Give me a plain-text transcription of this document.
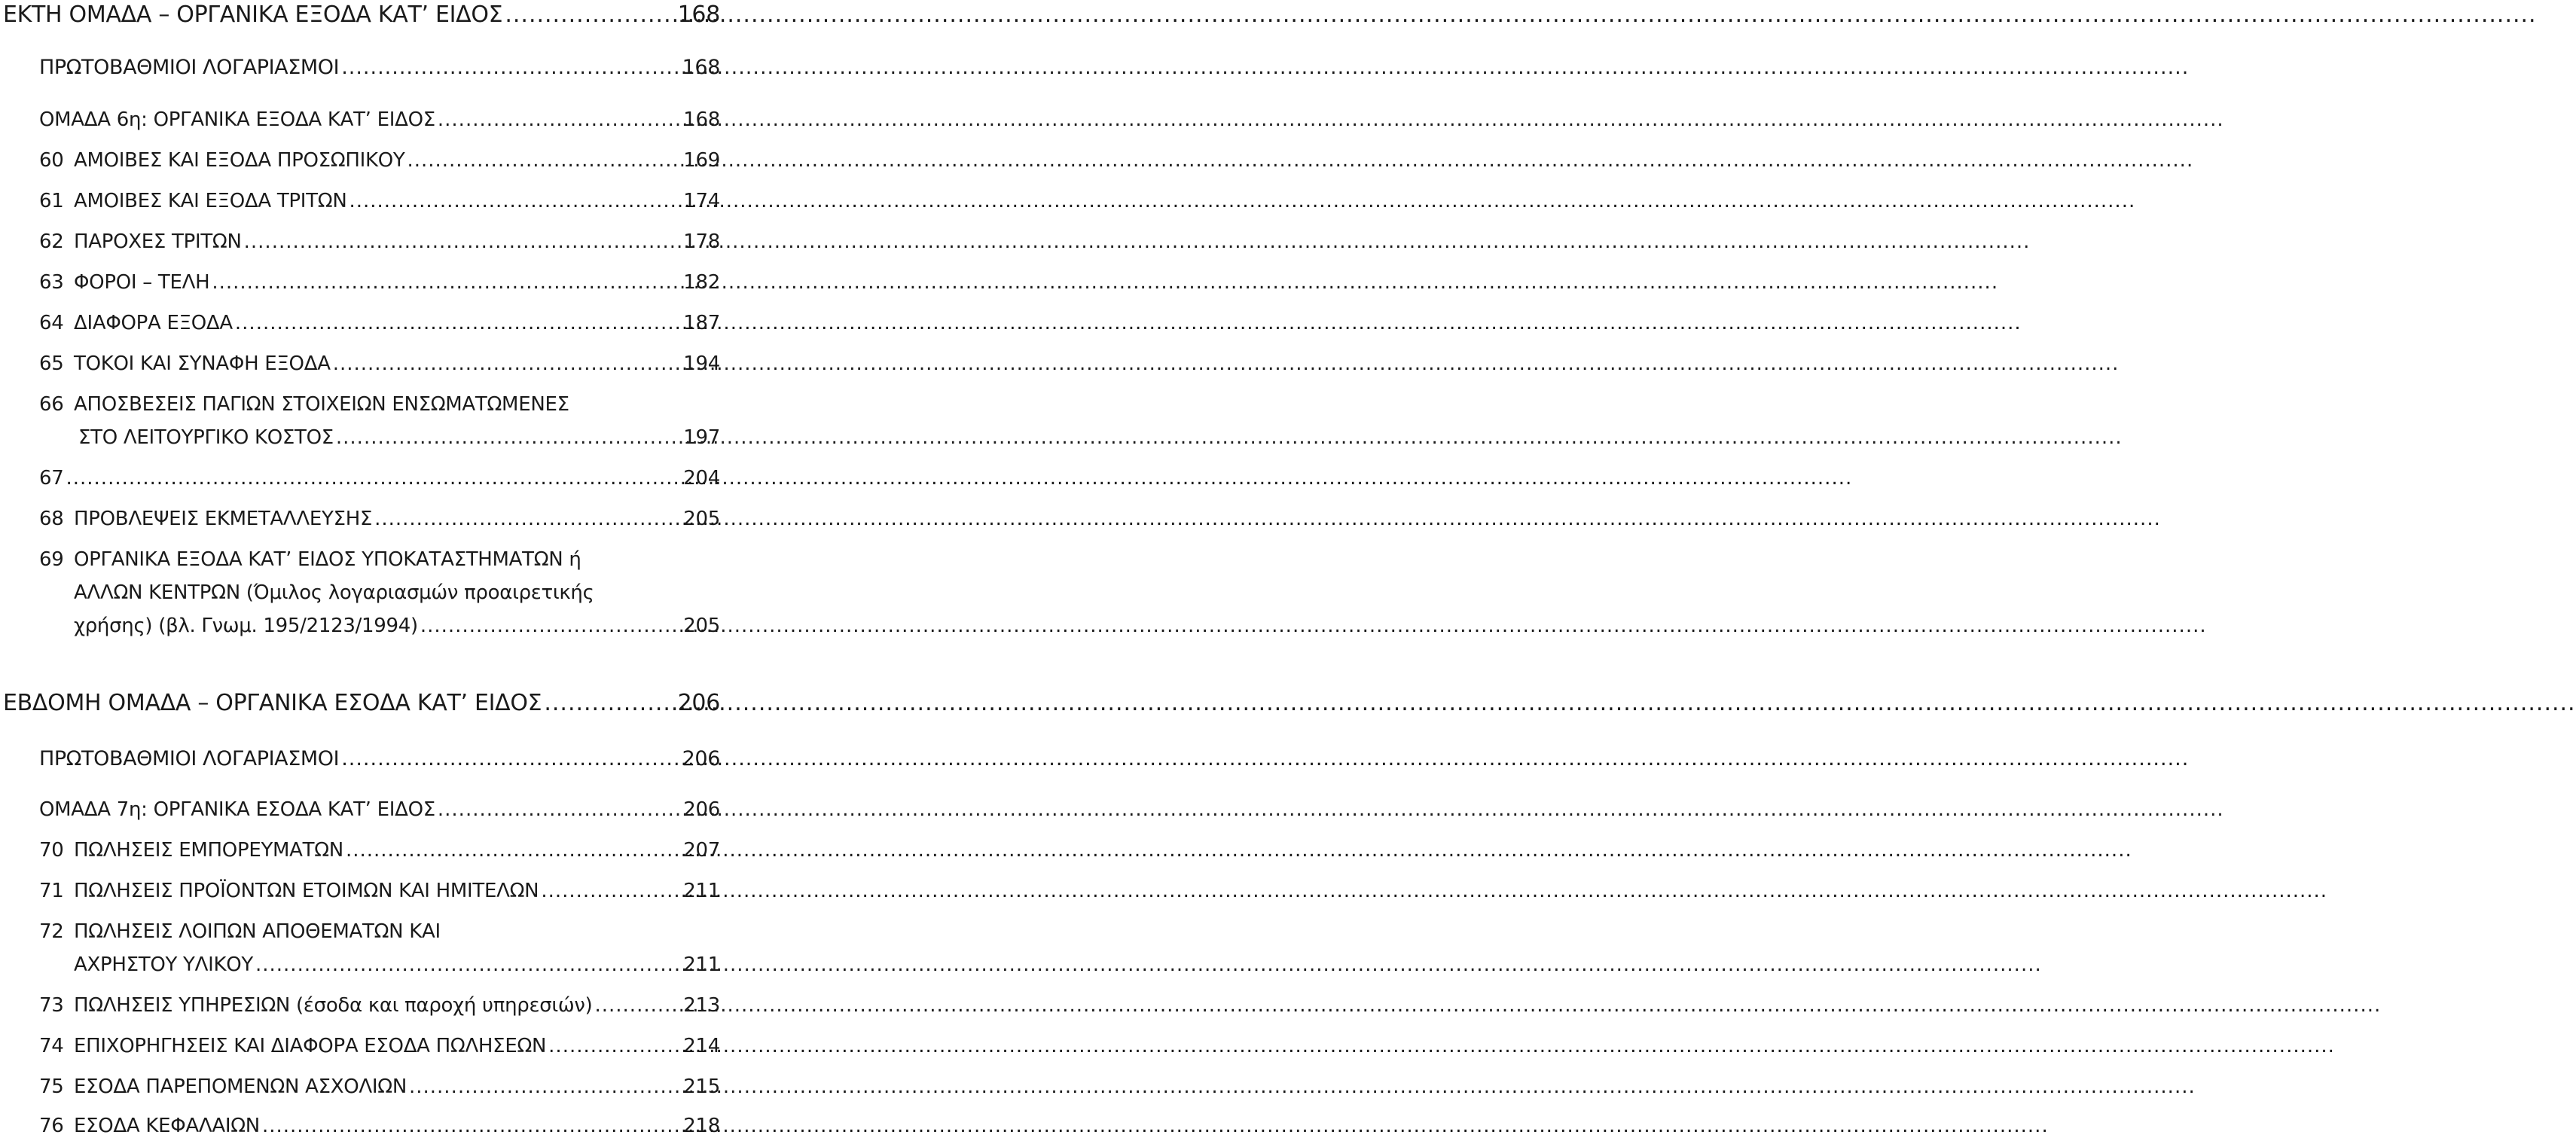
ΕΚΤΗ ΟΜΑΔΑ – ΟΡΓΑΝΙΚΑ ΕΞΟΔΑ ΚΑΤ’ ΕΙΔΟΣ .....	168
ΠΡΩΤΟΒΑΘΜΙΟΙ ΛΟΓΑΡΙΑΣΜΟΙ .....	168
ΟΜΑΔΑ 6η: ΟΡΓΑΝΙΚΑ ΕΞΟΔΑ ΚΑΤ’ ΕΙΔΟΣ .....	168
60 ΑΜΟΙΒΕΣ ΚΑΙ ΕΞΟΔΑ ΠΡΟΣΩΠΙΚΟΥ .....	169
61 ΑΜΟΙΒΕΣ ΚΑΙ ΕΞΟΔΑ ΤΡΙΤΩΝ .....	174
62 ΠΑΡΟΧΕΣ ΤΡΙΤΩΝ .....	178
63 ΦΟΡΟΙ – ΤΕΛΗ .....	182
64 ΔΙΑΦΟΡΑ ΕΞΟΔΑ .....	187
65 ΤΟΚΟΙ ΚΑΙ ΣΥΝΑΦΗ ΕΞΟΔΑ .....	194
66 ΑΠΟΣΒΕΣΕΙΣ ΠΑΓΙΩΝ ΣΤΟΙΧΕΙΩΝ ΕΝΣΩΜΑΤΩΜΕΝΕΣ
ΣΤΟ ΛΕΙΤΟΥΡΓΙΚΟ ΚΟΣΤΟΣ .....	197
67 .....	204
68 ΠΡΟΒΛΕΨΕΙΣ ΕΚΜΕΤΑΛΛΕΥΣΗΣ .....	205
69 ΟΡΓΑΝΙΚΑ ΕΞΟΔΑ ΚΑΤ’ ΕΙΔΟΣ ΥΠΟΚΑΤΑΣΤΗΜΑΤΩΝ ή
ΑΛΛΩΝ ΚΕΝΤΡΩΝ (Όμιλος λογαριασμών προαιρετικής
χρήσης) (βλ. Γνωμ. 195/2123/1994) .....	205
ΕΒΔΟΜΗ ΟΜΑΔΑ – ΟΡΓΑΝΙΚΑ ΕΣΟΔΑ ΚΑΤ’ ΕΙΔΟΣ .....	206
ΠΡΩΤΟΒΑΘΜΙΟΙ ΛΟΓΑΡΙΑΣΜΟΙ .....	206
ΟΜΑΔΑ 7η: ΟΡΓΑΝΙΚΑ ΕΣΟΔΑ ΚΑΤ’ ΕΙΔΟΣ .....	206
70 ΠΩΛΗΣΕΙΣ ΕΜΠΟΡΕΥΜΑΤΩΝ .....	207
71 ΠΩΛΗΣΕΙΣ ΠΡΟΪΟΝΤΩΝ ΕΤΟΙΜΩΝ ΚΑΙ ΗΜΙΤΕΛΩΝ .....	211
72 ΠΩΛΗΣΕΙΣ ΛΟΙΠΩΝ ΑΠΟΘΕΜΑΤΩΝ ΚΑΙ
ΑΧΡΗΣΤΟΥ ΥΛΙΚΟΥ .....	211
73 ΠΩΛΗΣΕΙΣ ΥΠΗΡΕΣΙΩΝ (έσοδα και παροχή υπηρεσιών) .....	213
74 ΕΠΙΧΟΡΗΓΗΣΕΙΣ ΚΑΙ ΔΙΑΦΟΡΑ ΕΣΟΔΑ ΠΩΛΗΣΕΩΝ .....	214
75 ΕΣΟΔΑ ΠΑΡΕΠΟΜΕΝΩΝ ΑΣΧΟΛΙΩΝ .....	215
76 ΕΣΟΔΑ ΚΕΦΑΛΑΙΩΝ .....	218
